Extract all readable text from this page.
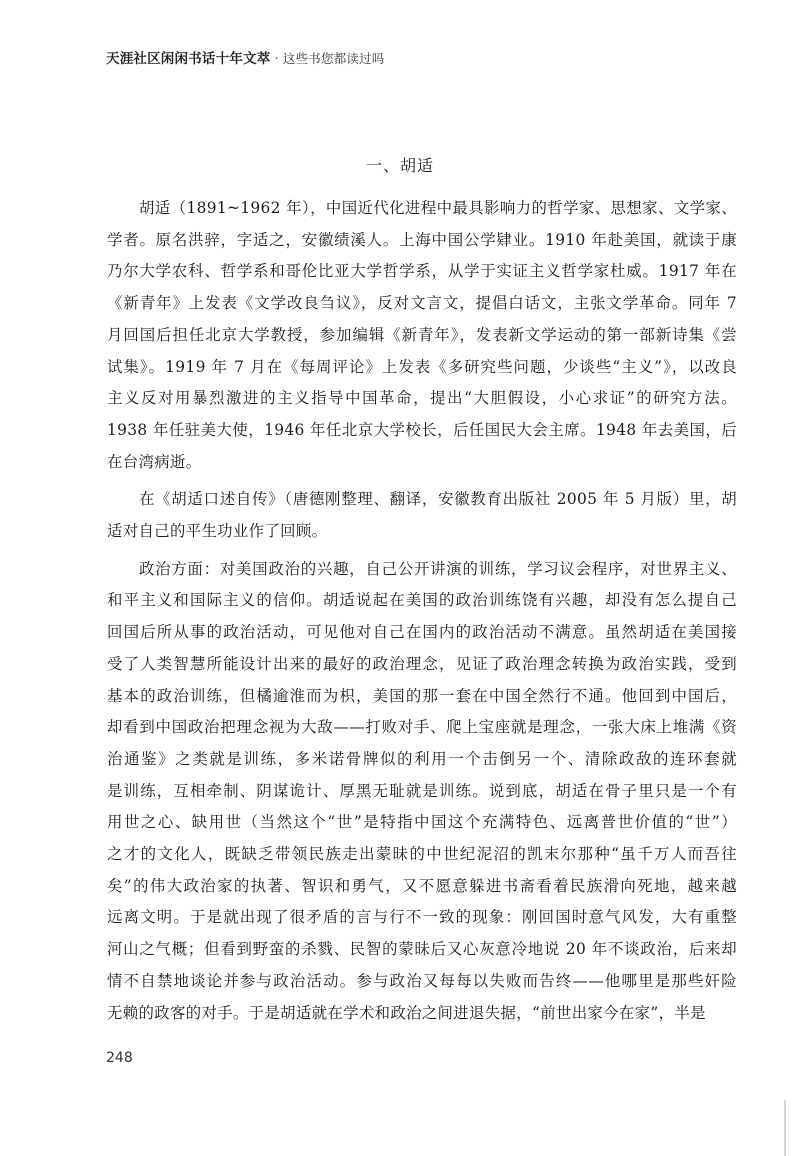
天涯社区闲闲书话十年文萃 · 这些书您都读过吗
一、胡适
胡适（1891~1962 年），中国近代化进程中最具影响力的哲学家、思想家、文学家、
学者。原名洪骍，字适之，安徽绩溪人。上海中国公学肄业。1910 年赴美国，就读于康
乃尔大学农科、哲学系和哥伦比亚大学哲学系，从学于实证主义哲学家杜威。1917 年在
《新青年》上发表《文学改良刍议》，反对文言文，提倡白话文，主张文学革命。同年 7
月回国后担任北京大学教授，参加编辑《新青年》，发表新文学运动的第一部新诗集《尝
试集》。1919 年 7 月在《每周评论》上发表《多研究些问题，少谈些“主义”》，以改良
主义反对用暴烈激进的主义指导中国革命，提出“大胆假设，小心求证”的研究方法。
1938 年任驻美大使，1946 年任北京大学校长，后任国民大会主席。1948 年去美国，后
在台湾病逝。
在《胡适口述自传》（唐德刚整理、翻译，安徽教育出版社 2005 年 5 月版）里，胡
适对自己的平生功业作了回顾。
政治方面：对美国政治的兴趣，自己公开讲演的训练，学习议会程序，对世界主义、
和平主义和国际主义的信仰。胡适说起在美国的政治训练饶有兴趣，却没有怎么提自己
回国后所从事的政治活动，可见他对自己在国内的政治活动不满意。虽然胡适在美国接
受了人类智慧所能设计出来的最好的政治理念，见证了政治理念转换为政治实践，受到
基本的政治训练，但橘逾淮而为枳，美国的那一套在中国全然行不通。他回到中国后，
却看到中国政治把理念视为大敌——打败对手、爬上宝座就是理念，一张大床上堆满《资
治通鉴》之类就是训练，多米诺骨牌似的利用一个击倒另一个、清除政敌的连环套就
是训练，互相牵制、阴谋诡计、厚黑无耻就是训练。说到底，胡适在骨子里只是一个有
用世之心、缺用世（当然这个“世”是特指中国这个充满特色、远离普世价值的“世”）
之才的文化人，既缺乏带领民族走出蒙昧的中世纪泥沼的凯末尔那种“虽千万人而吾往
矣”的伟大政治家的执著、智识和勇气，又不愿意躲进书斋看着民族滑向死地，越来越
远离文明。于是就出现了很矛盾的言与行不一致的现象：刚回国时意气风发，大有重整
河山之气概；但看到野蛮的杀戮、民智的蒙昧后又心灰意冷地说 20 年不谈政治，后来却
情不自禁地谈论并参与政治活动。参与政治又每每以失败而告终——他哪里是那些奸险
无赖的政客的对手。于是胡适就在学术和政治之间进退失据，“前世出家今在家”，半是
248
